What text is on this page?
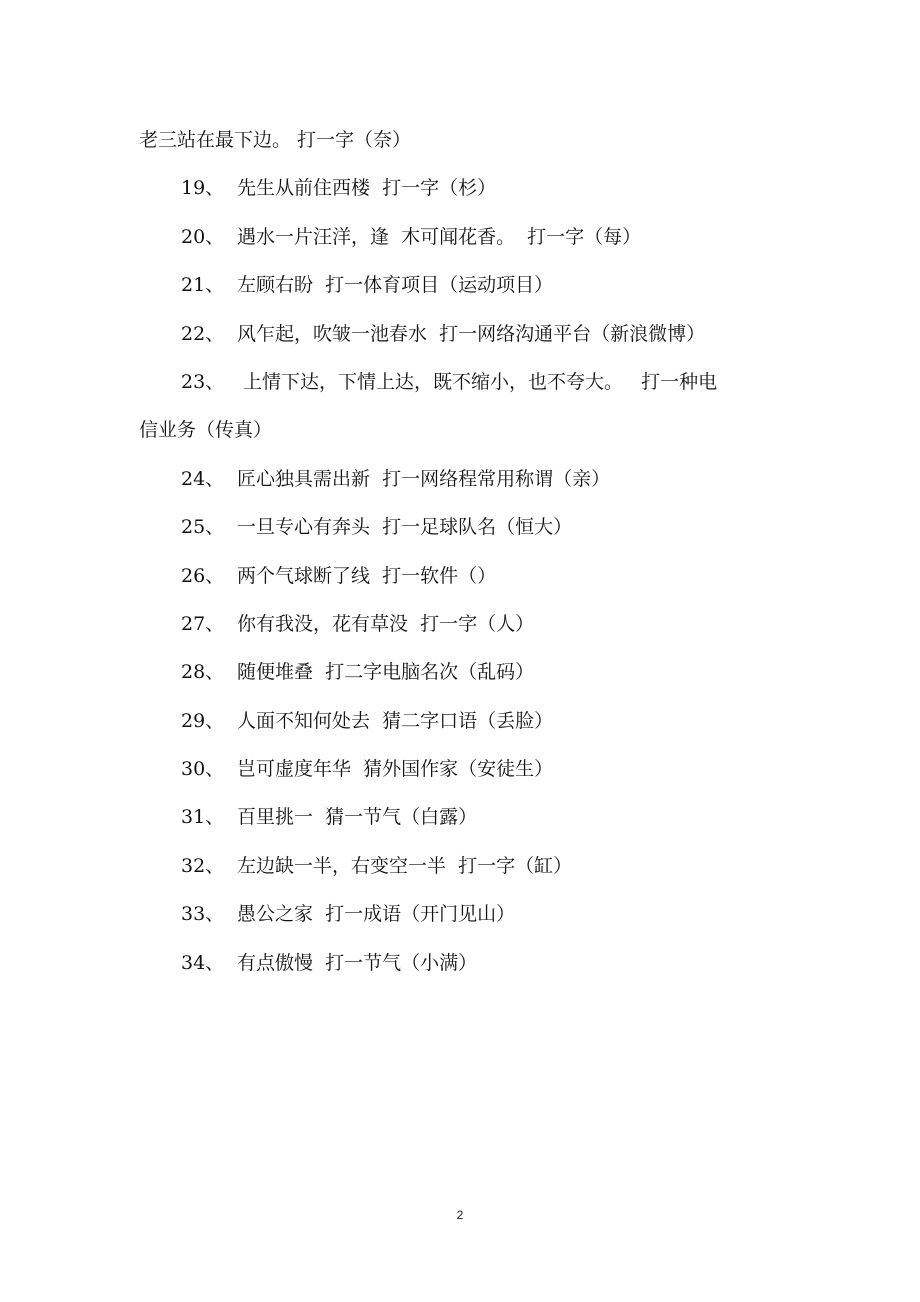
老三站在最下边。 打一字（奈）
19、 先生从前住西楼  打一字（杉）
20、 遇水一片汪洋，逢  木可闻花香。  打一字（每）
21、 左顾右盼  打一体育项目（运动项目）
22、 风乍起，吹皱一池春水  打一网络沟通平台（新浪微博）
23、 上情下达，下情上达，既不缩小，也不夸大。   打一种电
信业务（传真）
24、 匠心独具需出新  打一网络程常用称谓（亲）
25、 一旦专心有奔头  打一足球队名（恒大）
26、 两个气球断了线  打一软件（）
27、 你有我没，花有草没  打一字（人）
28、 随便堆叠  打二字电脑名次（乱码）
29、 人面不知何处去  猜二字口语（丢脸）
30、 岂可虚度年华  猜外国作家（安徒生）
31、 百里挑一  猜一节气（白露）
32、 左边缺一半，右变空一半  打一字（缸）
33、 愚公之家  打一成语（开门见山）
34、 有点傲慢  打一节气（小满）
2
